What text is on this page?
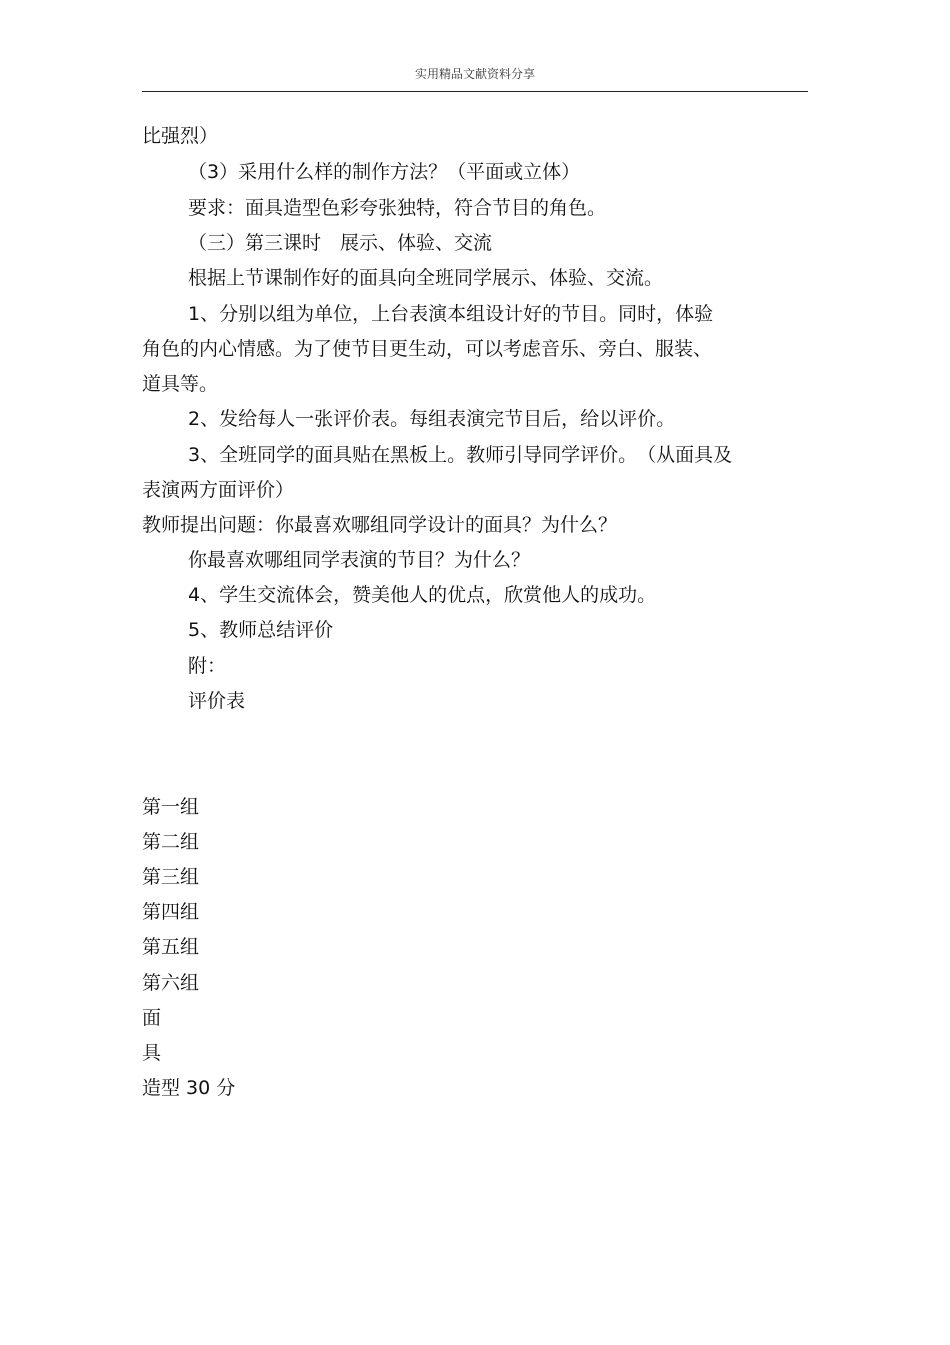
实用精品文献资料分享
比强烈）
（3）采用什么样的制作方法？（平面或立体）
要求：面具造型色彩夸张独特，符合节目的角色。
（三）第三课时　展示、体验、交流
根据上节课制作好的面具向全班同学展示、体验、交流。
1、分别以组为单位，上台表演本组设计好的节目。同时，体验
角色的内心情感。为了使节目更生动，可以考虑音乐、旁白、服装、
道具等。
2、发给每人一张评价表。每组表演完节目后，给以评价。
3、全班同学的面具贴在黑板上。教师引导同学评价。　（从面具及
表演两方面评价）
教师提出问题：你最喜欢哪组同学设计的面具？为什么？
你最喜欢哪组同学表演的节目？为什么？
4、学生交流体会，赞美他人的优点，欣赏他人的成功。
5、教师总结评价
附：
评价表
第一组
第二组
第三组
第四组
第五组
第六组
面
具
造型 30 分
